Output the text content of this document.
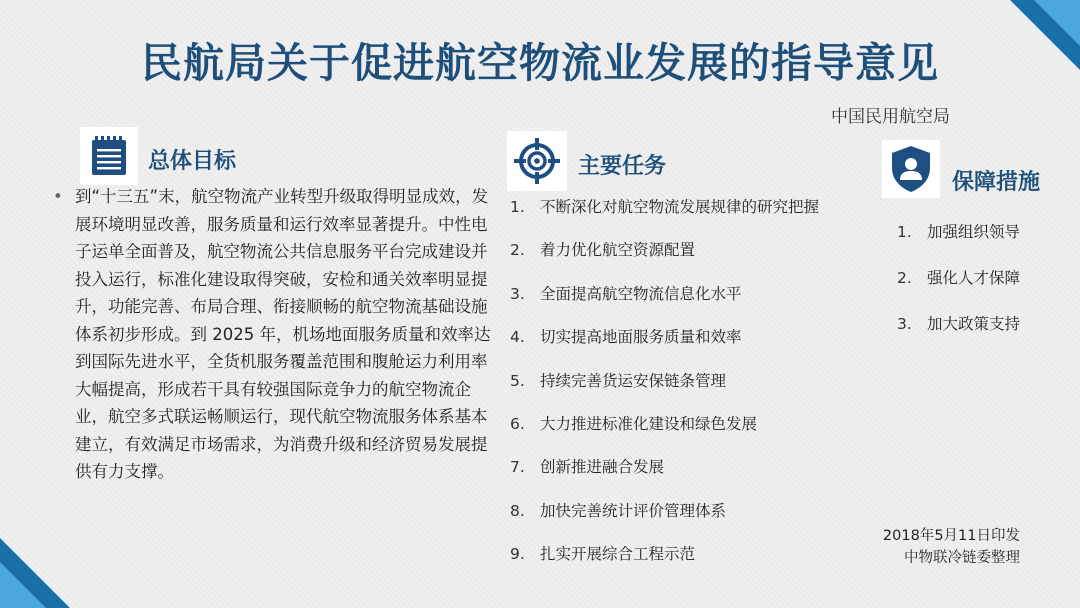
民航局关于促进航空物流业发展的指导意见
中国民用航空局
总体目标
• 到“十三五”末，航空物流产业转型升级取得明显成效，发展环境明显改善，服务质量和运行效率显著提升。中性电子运单全面普及，航空物流公共信息服务平台完成建设并投入运行，标准化建设取得突破，安检和通关效率明显提升，功能完善、布局合理、衔接顺畅的航空物流基础设施体系初步形成。到 2025 年，机场地面服务质量和效率达到国际先进水平，全货机服务覆盖范围和腹舱运力利用率大幅提高，形成若干具有较强国际竞争力的航空物流企业，航空多式联运畅顺运行，现代航空物流服务体系基本建立，有效满足市场需求，为消费升级和经济贸易发展提供有力支撑。
主要任务
1. 不断深化对航空物流发展规律的研究把握
2. 着力优化航空资源配置
3. 全面提高航空物流信息化水平
4. 切实提高地面服务质量和效率
5. 持续完善货运安保链条管理
6. 大力推进标准化建设和绿色发展
7. 创新推进融合发展
8. 加快完善统计评价管理体系
9. 扎实开展综合工程示范
保障措施
1. 加强组织领导
2. 强化人才保障
3. 加大政策支持
2018年5月11日印发
中物联冷链委整理
